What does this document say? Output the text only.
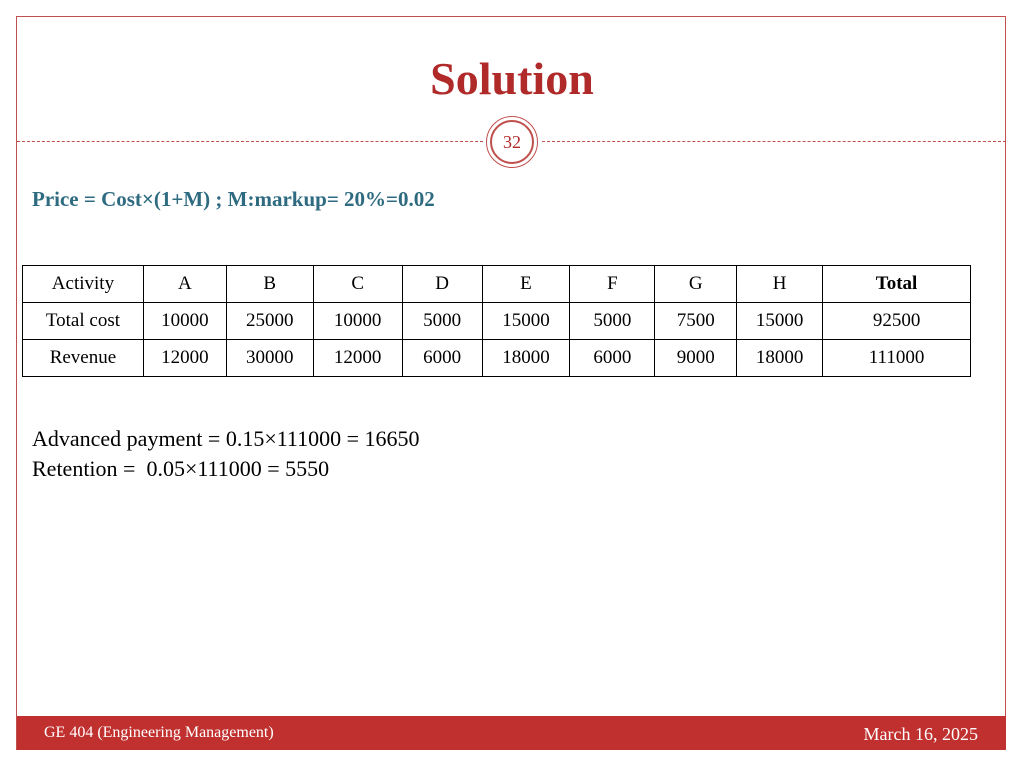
Solution
32
Price = Cost×(1+M) ; M:markup= 20%=0.02
Activity	A	B	C	D	E	F	G	H	Total
Total cost	10000	25000	10000	5000	15000	5000	7500	15000	92500
Revenue	12000	30000	12000	6000	18000	6000	9000	18000	111000
Advanced payment = 0.15×111000 = 16650
Retention =  0.05×111000 = 5550
GE 404 (Engineering Management)	March 16, 2025
